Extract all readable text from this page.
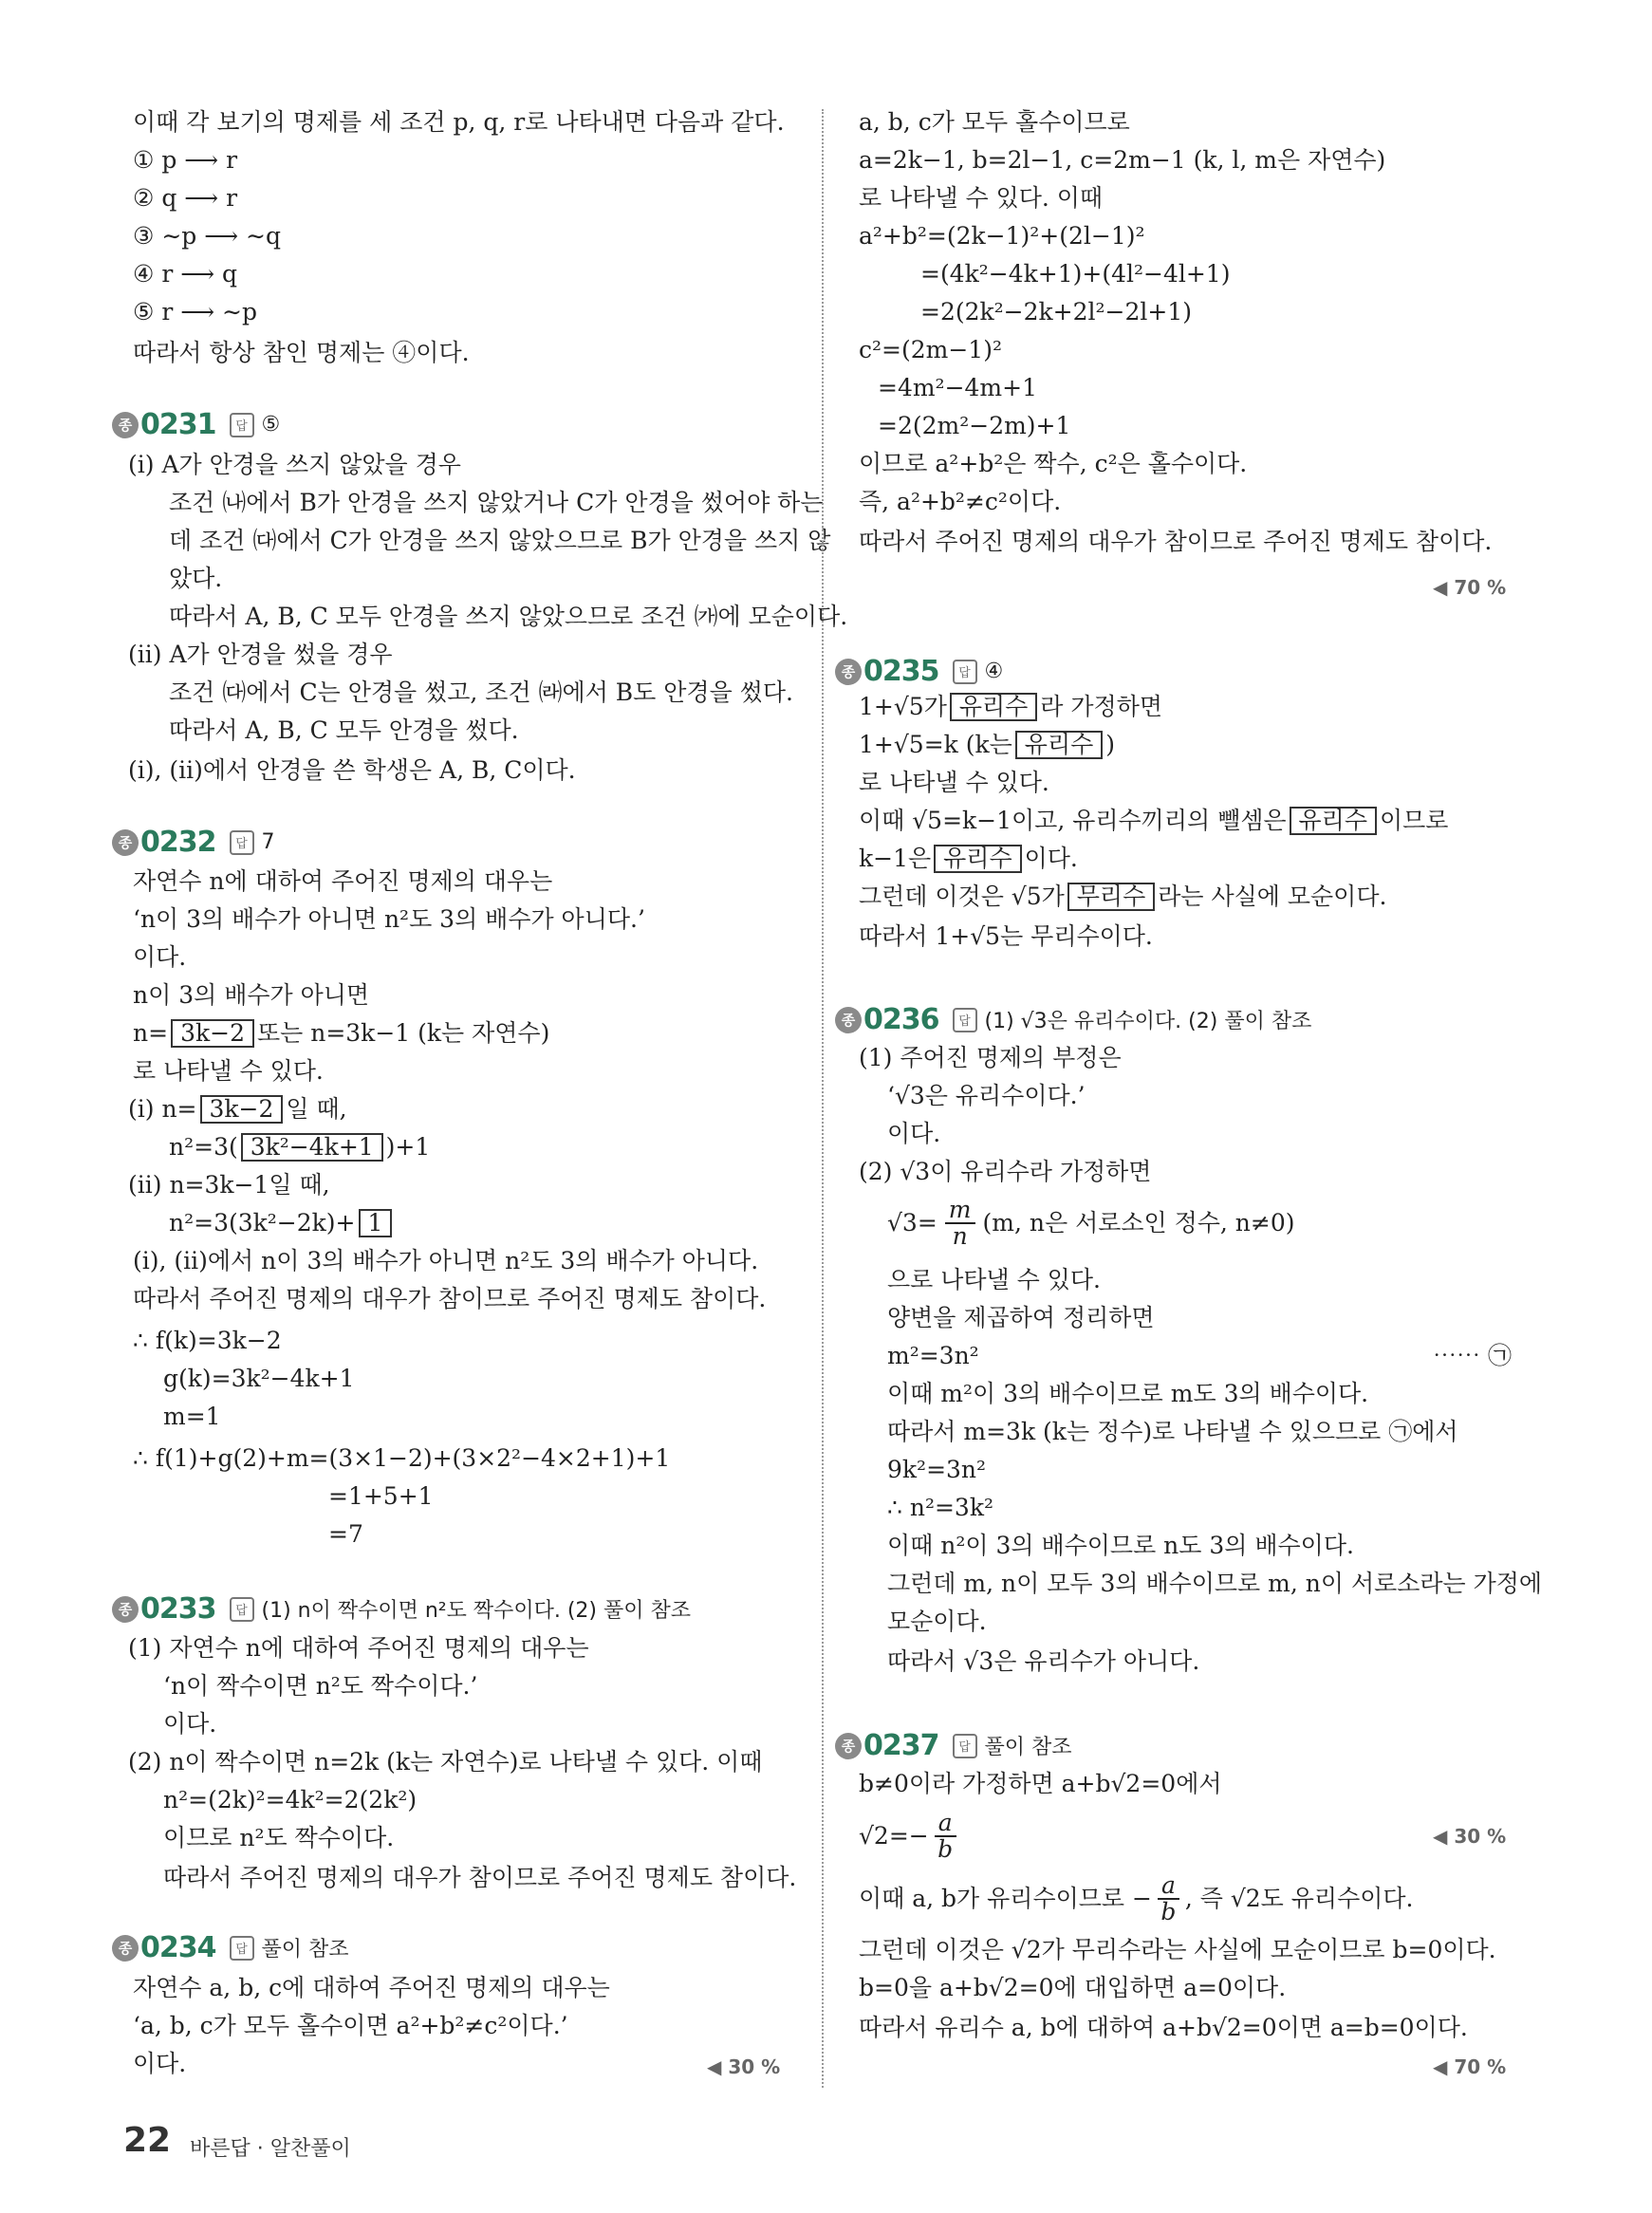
이때 각 보기의 명제를 세 조건 p, q, r로 나타내면 다음과 같다.
① p ⟶ r
② q ⟶ r
③ ∼p ⟶ ∼q
④ r ⟶ q
⑤ r ⟶ ∼p
따라서 항상 참인 명제는 ④이다.
종 0231	답 ⑤
(ⅰ) A가 안경을 쓰지 않았을 경우
조건 ㈏에서 B가 안경을 쓰지 않았거나 C가 안경을 썼어야 하는
데 조건 ㈐에서 C가 안경을 쓰지 않았으므로 B가 안경을 쓰지 않
았다.
따라서 A, B, C 모두 안경을 쓰지 않았으므로 조건 ㈎에 모순이다.
(ⅱ) A가 안경을 썼을 경우
조건 ㈐에서 C는 안경을 썼고, 조건 ㈑에서 B도 안경을 썼다.
따라서 A, B, C 모두 안경을 썼다.
(ⅰ), (ⅱ)에서 안경을 쓴 학생은 A, B, C이다.
종 0232	답 7
자연수 n에 대하여 주어진 명제의 대우는
‘n이 3의 배수가 아니면 n²도 3의 배수가 아니다.’
이다.
n이 3의 배수가 아니면
n= 3k−2 또는 n=3k−1 (k는 자연수)
로 나타낼 수 있다.
(ⅰ) n= 3k−2 일 때,
n²=3( 3k²−4k+1 )+1
(ⅱ) n=3k−1일 때,
n²=3(3k²−2k)+ 1
(ⅰ), (ⅱ)에서 n이 3의 배수가 아니면 n²도 3의 배수가 아니다.
따라서 주어진 명제의 대우가 참이므로 주어진 명제도 참이다.
∴ f(k)=3k−2
g(k)=3k²−4k+1
m=1
∴ f(1)+g(2)+m=(3×1−2)+(3×2²−4×2+1)+1
=1+5+1
=7
종 0233	답 (1) n이 짝수이면 n²도 짝수이다. (2) 풀이 참조
(1) 자연수 n에 대하여 주어진 명제의 대우는
‘n이 짝수이면 n²도 짝수이다.’
이다.
(2) n이 짝수이면 n=2k (k는 자연수)로 나타낼 수 있다. 이때
n²=(2k)²=4k²=2(2k²)
이므로 n²도 짝수이다.
따라서 주어진 명제의 대우가 참이므로 주어진 명제도 참이다.
종 0234	답 풀이 참조
자연수 a, b, c에 대하여 주어진 명제의 대우는
‘a, b, c가 모두 홀수이면 a²+b²≠c²이다.’
이다.	◀ 30 %
a, b, c가 모두 홀수이므로
a=2k−1, b=2l−1, c=2m−1 (k, l, m은 자연수)
로 나타낼 수 있다. 이때
a²+b²=(2k−1)²+(2l−1)²
=(4k²−4k+1)+(4l²−4l+1)
=2(2k²−2k+2l²−2l+1)
c²=(2m−1)²
=4m²−4m+1
=2(2m²−2m)+1
이므로 a²+b²은 짝수, c²은 홀수이다.
즉, a²+b²≠c²이다.
따라서 주어진 명제의 대우가 참이므로 주어진 명제도 참이다.
◀ 70 %
종 0235	답 ④
1+√5가 유리수 라 가정하면
1+√5=k (k는 유리수 )
로 나타낼 수 있다.
이때 √5=k−1이고, 유리수끼리의 뺄셈은 유리수 이므로
k−1은 유리수 이다.
그런데 이것은 √5가 무리수 라는 사실에 모순이다.
따라서 1+√5는 무리수이다.
종 0236	답 (1) √3은 유리수이다. (2) 풀이 참조
(1) 주어진 명제의 부정은
‘√3은 유리수이다.’
이다.
(2) √3이 유리수라 가정하면
$√3= \frac{m}{n} (m$, n은 서로소인 정수, n≠0)
으로 나타낼 수 있다.
양변을 제곱하여 정리하면
m²=3n²	⋯⋯ ㉠
이때 m²이 3의 배수이므로 m도 3의 배수이다.
따라서 m=3k (k는 정수)로 나타낼 수 있으므로 ㉠에서
9k²=3n²
∴ n²=3k²
이때 n²이 3의 배수이므로 n도 3의 배수이다.
그런데 m, n이 모두 3의 배수이므로 m, n이 서로소라는 가정에
모순이다.
따라서 √3은 유리수가 아니다.
종 0237	답 풀이 참조
b≠0이라 가정하면 a+b√2=0에서
$√2=- \frac{a}{b}$	◀ 30 %
이때 a, b가 유리수이므로 − $\frac{a}{b}$ , 즉 √2도 유리수이다.
그런데 이것은 √2가 무리수라는 사실에 모순이므로 b=0이다.
b=0을 a+b√2=0에 대입하면 a=0이다.
따라서 유리수 a, b에 대하여 a+b√2=0이면 a=b=0이다.
◀ 70 %
22 바른답 · 알찬풀이
